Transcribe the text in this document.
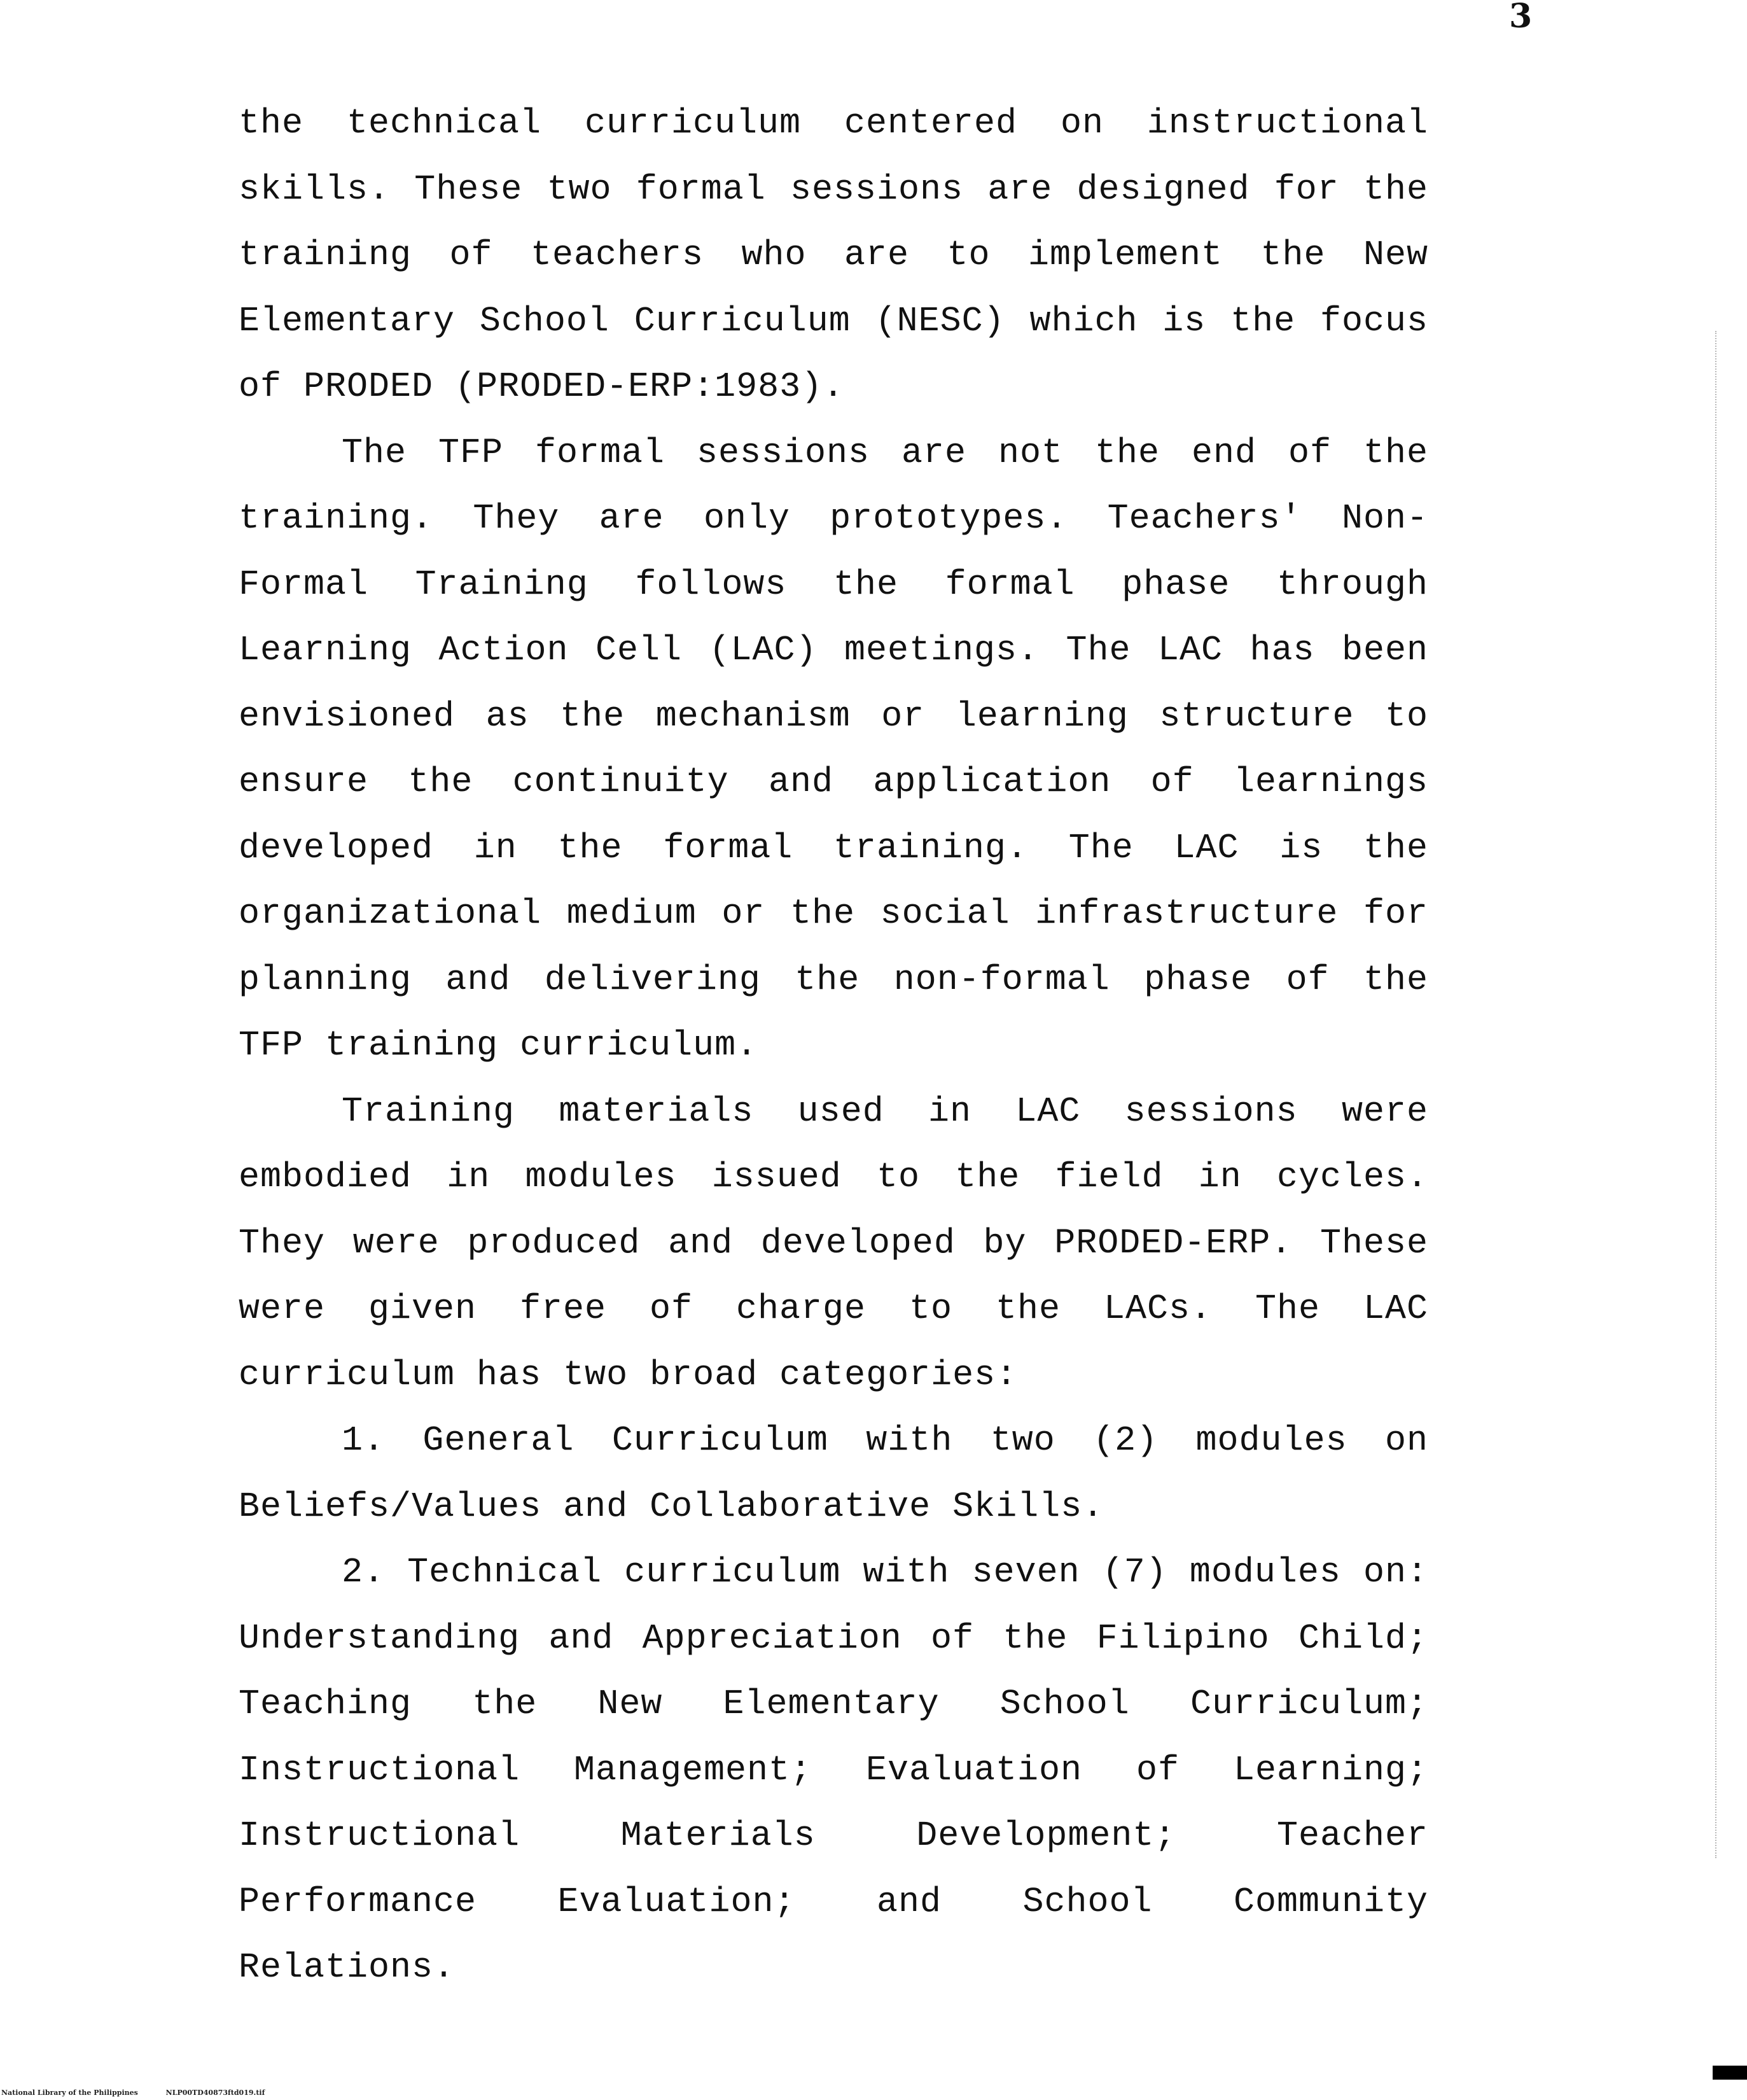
3

the technical curriculum centered on instructional skills. These two formal sessions are designed for the training of teachers who are to implement the New Elementary School Curriculum (NESC) which is the focus of PRODED (PRODED-ERP:1983).

The TFP formal sessions are not the end of the training. They are only prototypes. Teachers' Non-Formal Training follows the formal phase through Learning Action Cell (LAC) meetings. The LAC has been envisioned as the mechanism or learning structure to ensure the continuity and application of learnings developed in the formal training. The LAC is the organizational medium or the social infrastructure for planning and delivering the non-formal phase of the TFP training curriculum.

Training materials used in LAC sessions were embodied in modules issued to the field in cycles. They were produced and developed by PRODED-ERP. These were given free of charge to the LACs. The LAC curriculum has two broad categories:

1. General Curriculum with two (2) modules on Beliefs/Values and Collaborative Skills.

2. Technical curriculum with seven (7) modules on: Understanding and Appreciation of the Filipino Child; Teaching the New Elementary School Curriculum; Instructional Management; Evaluation of Learning; Instructional Materials Development; Teacher Performance Evaluation; and School Community Relations.

National Library of the Philippines	NLP00TD40873ftd019.tif
